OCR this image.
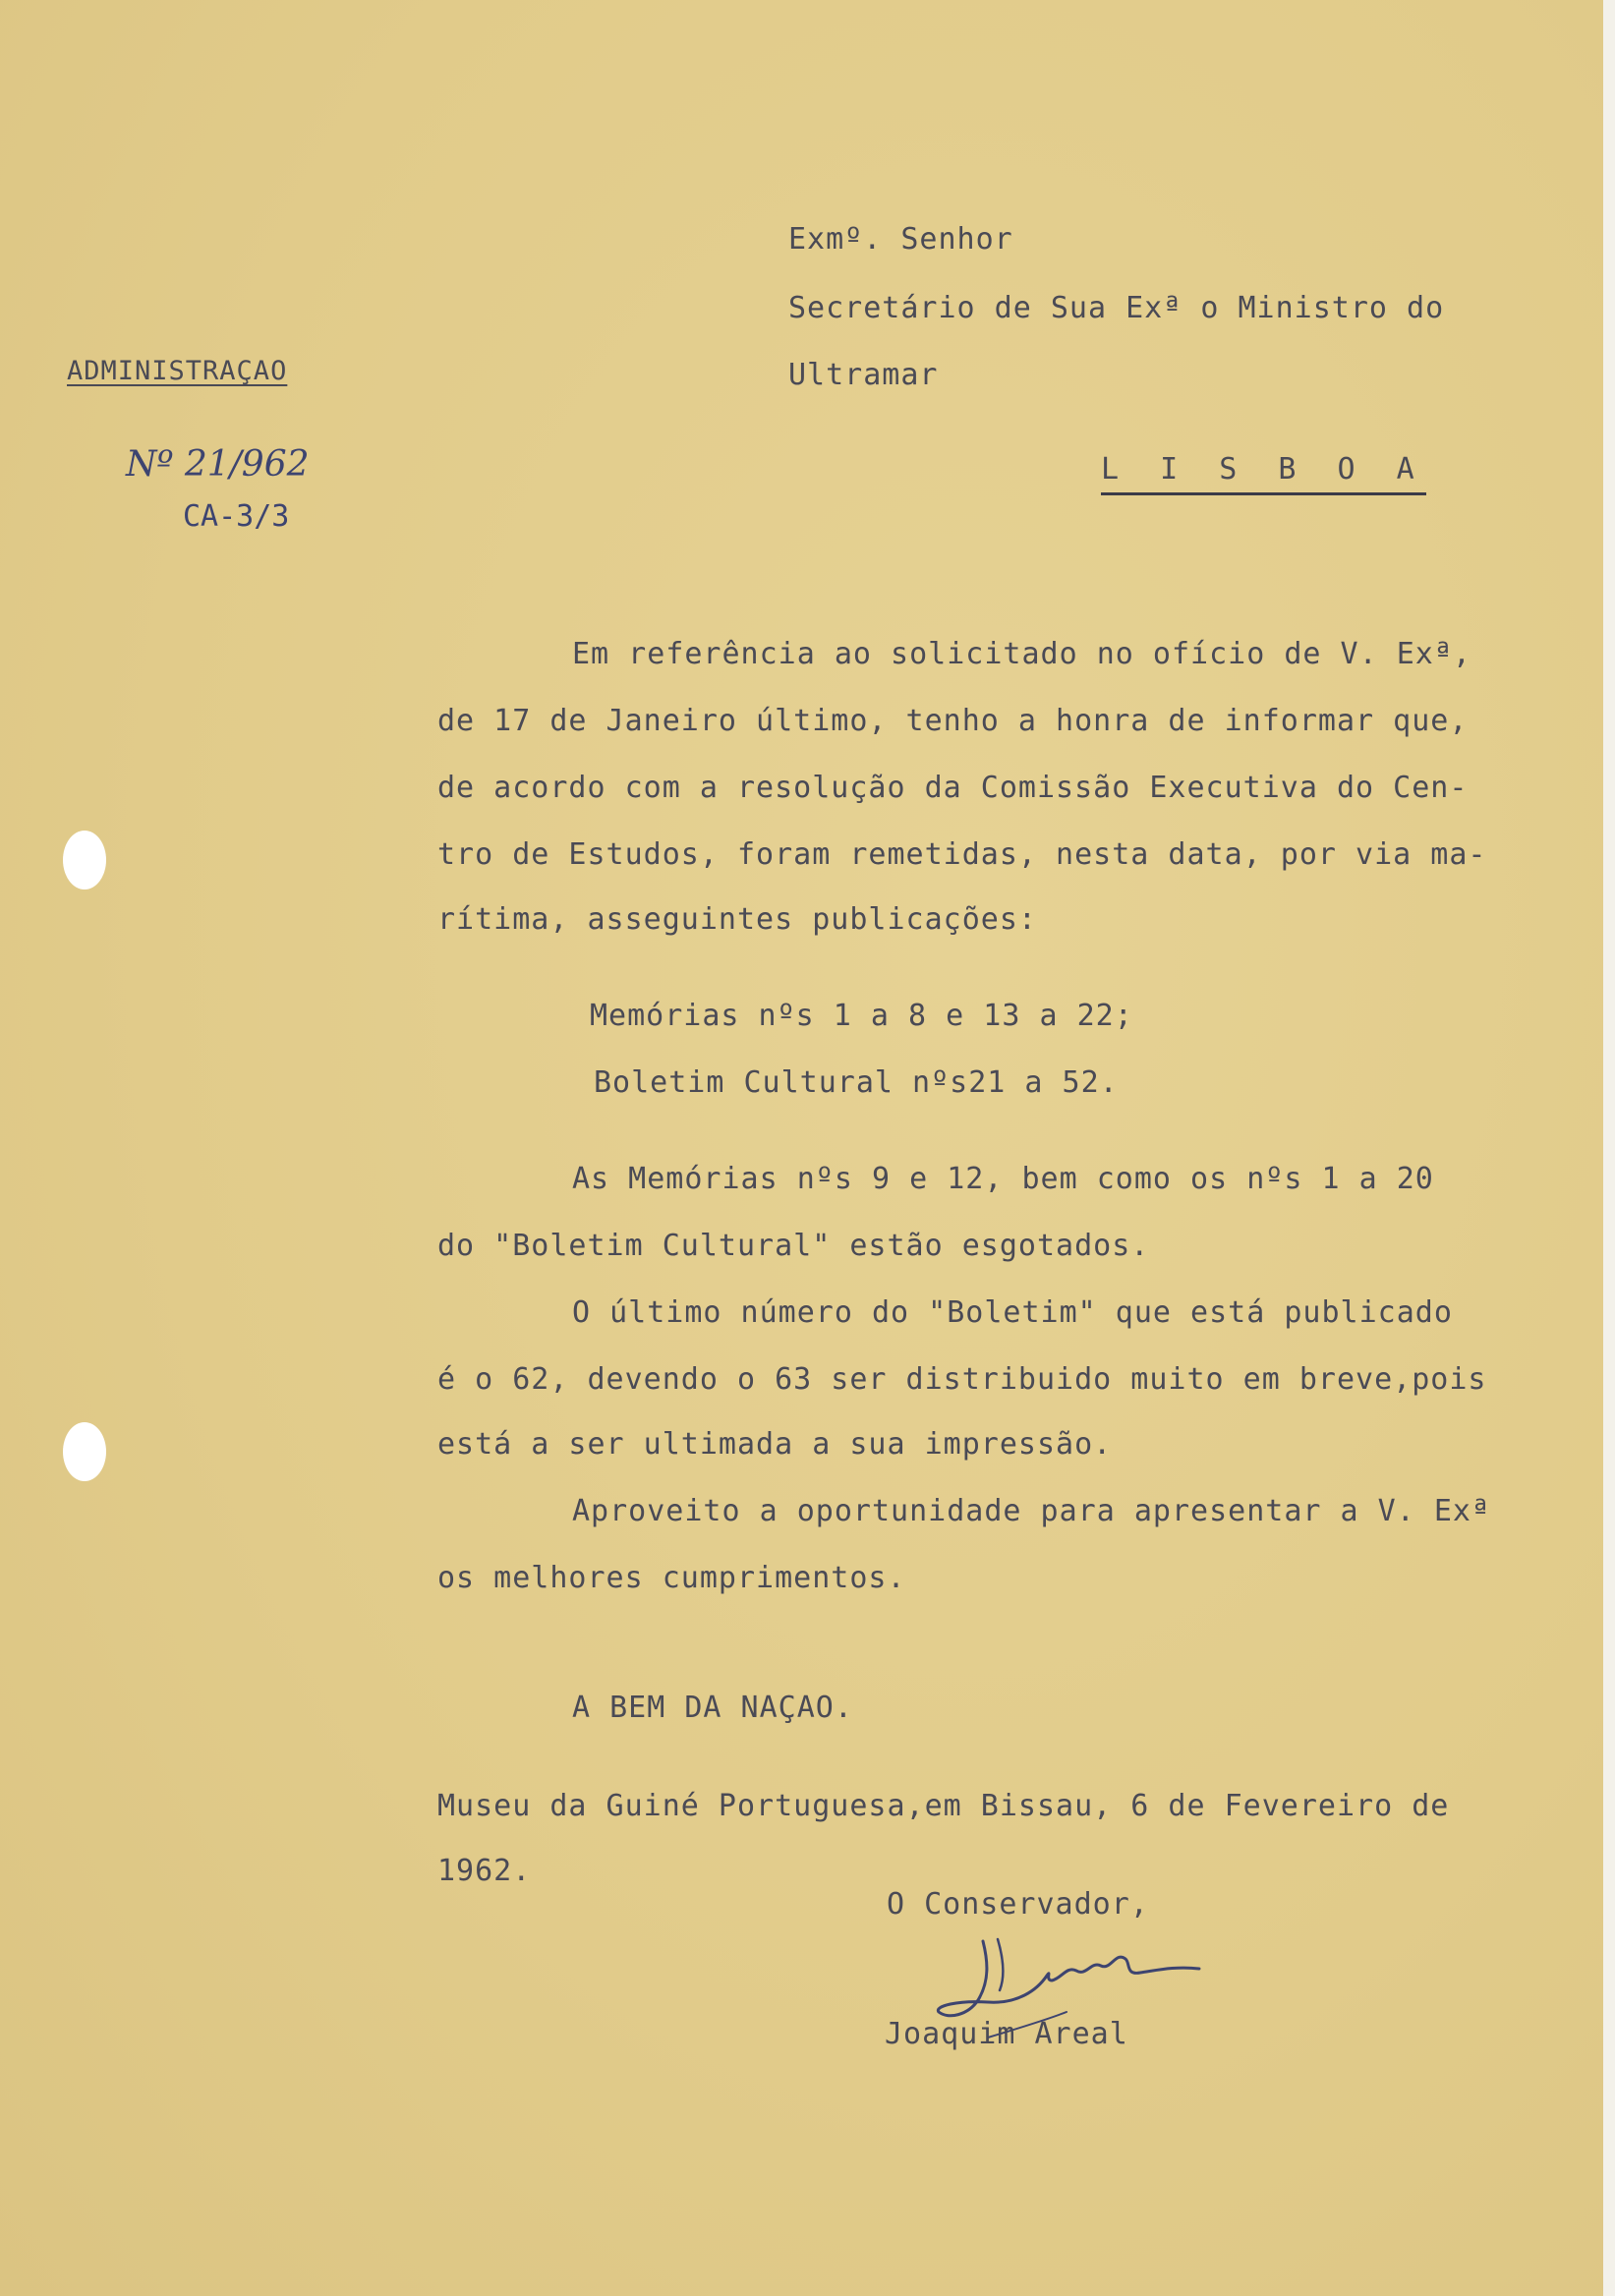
Exmº. Senhor
Secretário de Sua Exª o Ministro do
Ultramar
L I S B O A
ADMINISTRAÇAO
Nº 21/962
CA-3/3
Em referência ao solicitado no ofício de V. Exª,
de 17 de Janeiro último, tenho a honra de informar que,
de acordo com a resolução da Comissão Executiva do Cen-
tro de Estudos, foram remetidas, nesta data, por via ma-
rítima, asseguintes publicações:
Memórias nºs 1 a 8 e 13 a 22;
Boletim Cultural nºs21 a 52.
As Memórias nºs 9 e 12, bem como os nºs 1 a 20
do "Boletim Cultural" estão esgotados.
O último número do "Boletim" que está publicado
é o 62, devendo o 63 ser distribuido muito em breve,pois
está a ser ultimada a sua impressão.
Aproveito a oportunidade para apresentar a V. Exª
os melhores cumprimentos.
A BEM DA NAÇAO.
Museu da Guiné Portuguesa,em Bissau, 6 de Fevereiro de
1962.
O Conservador,
Joaquim Areal
